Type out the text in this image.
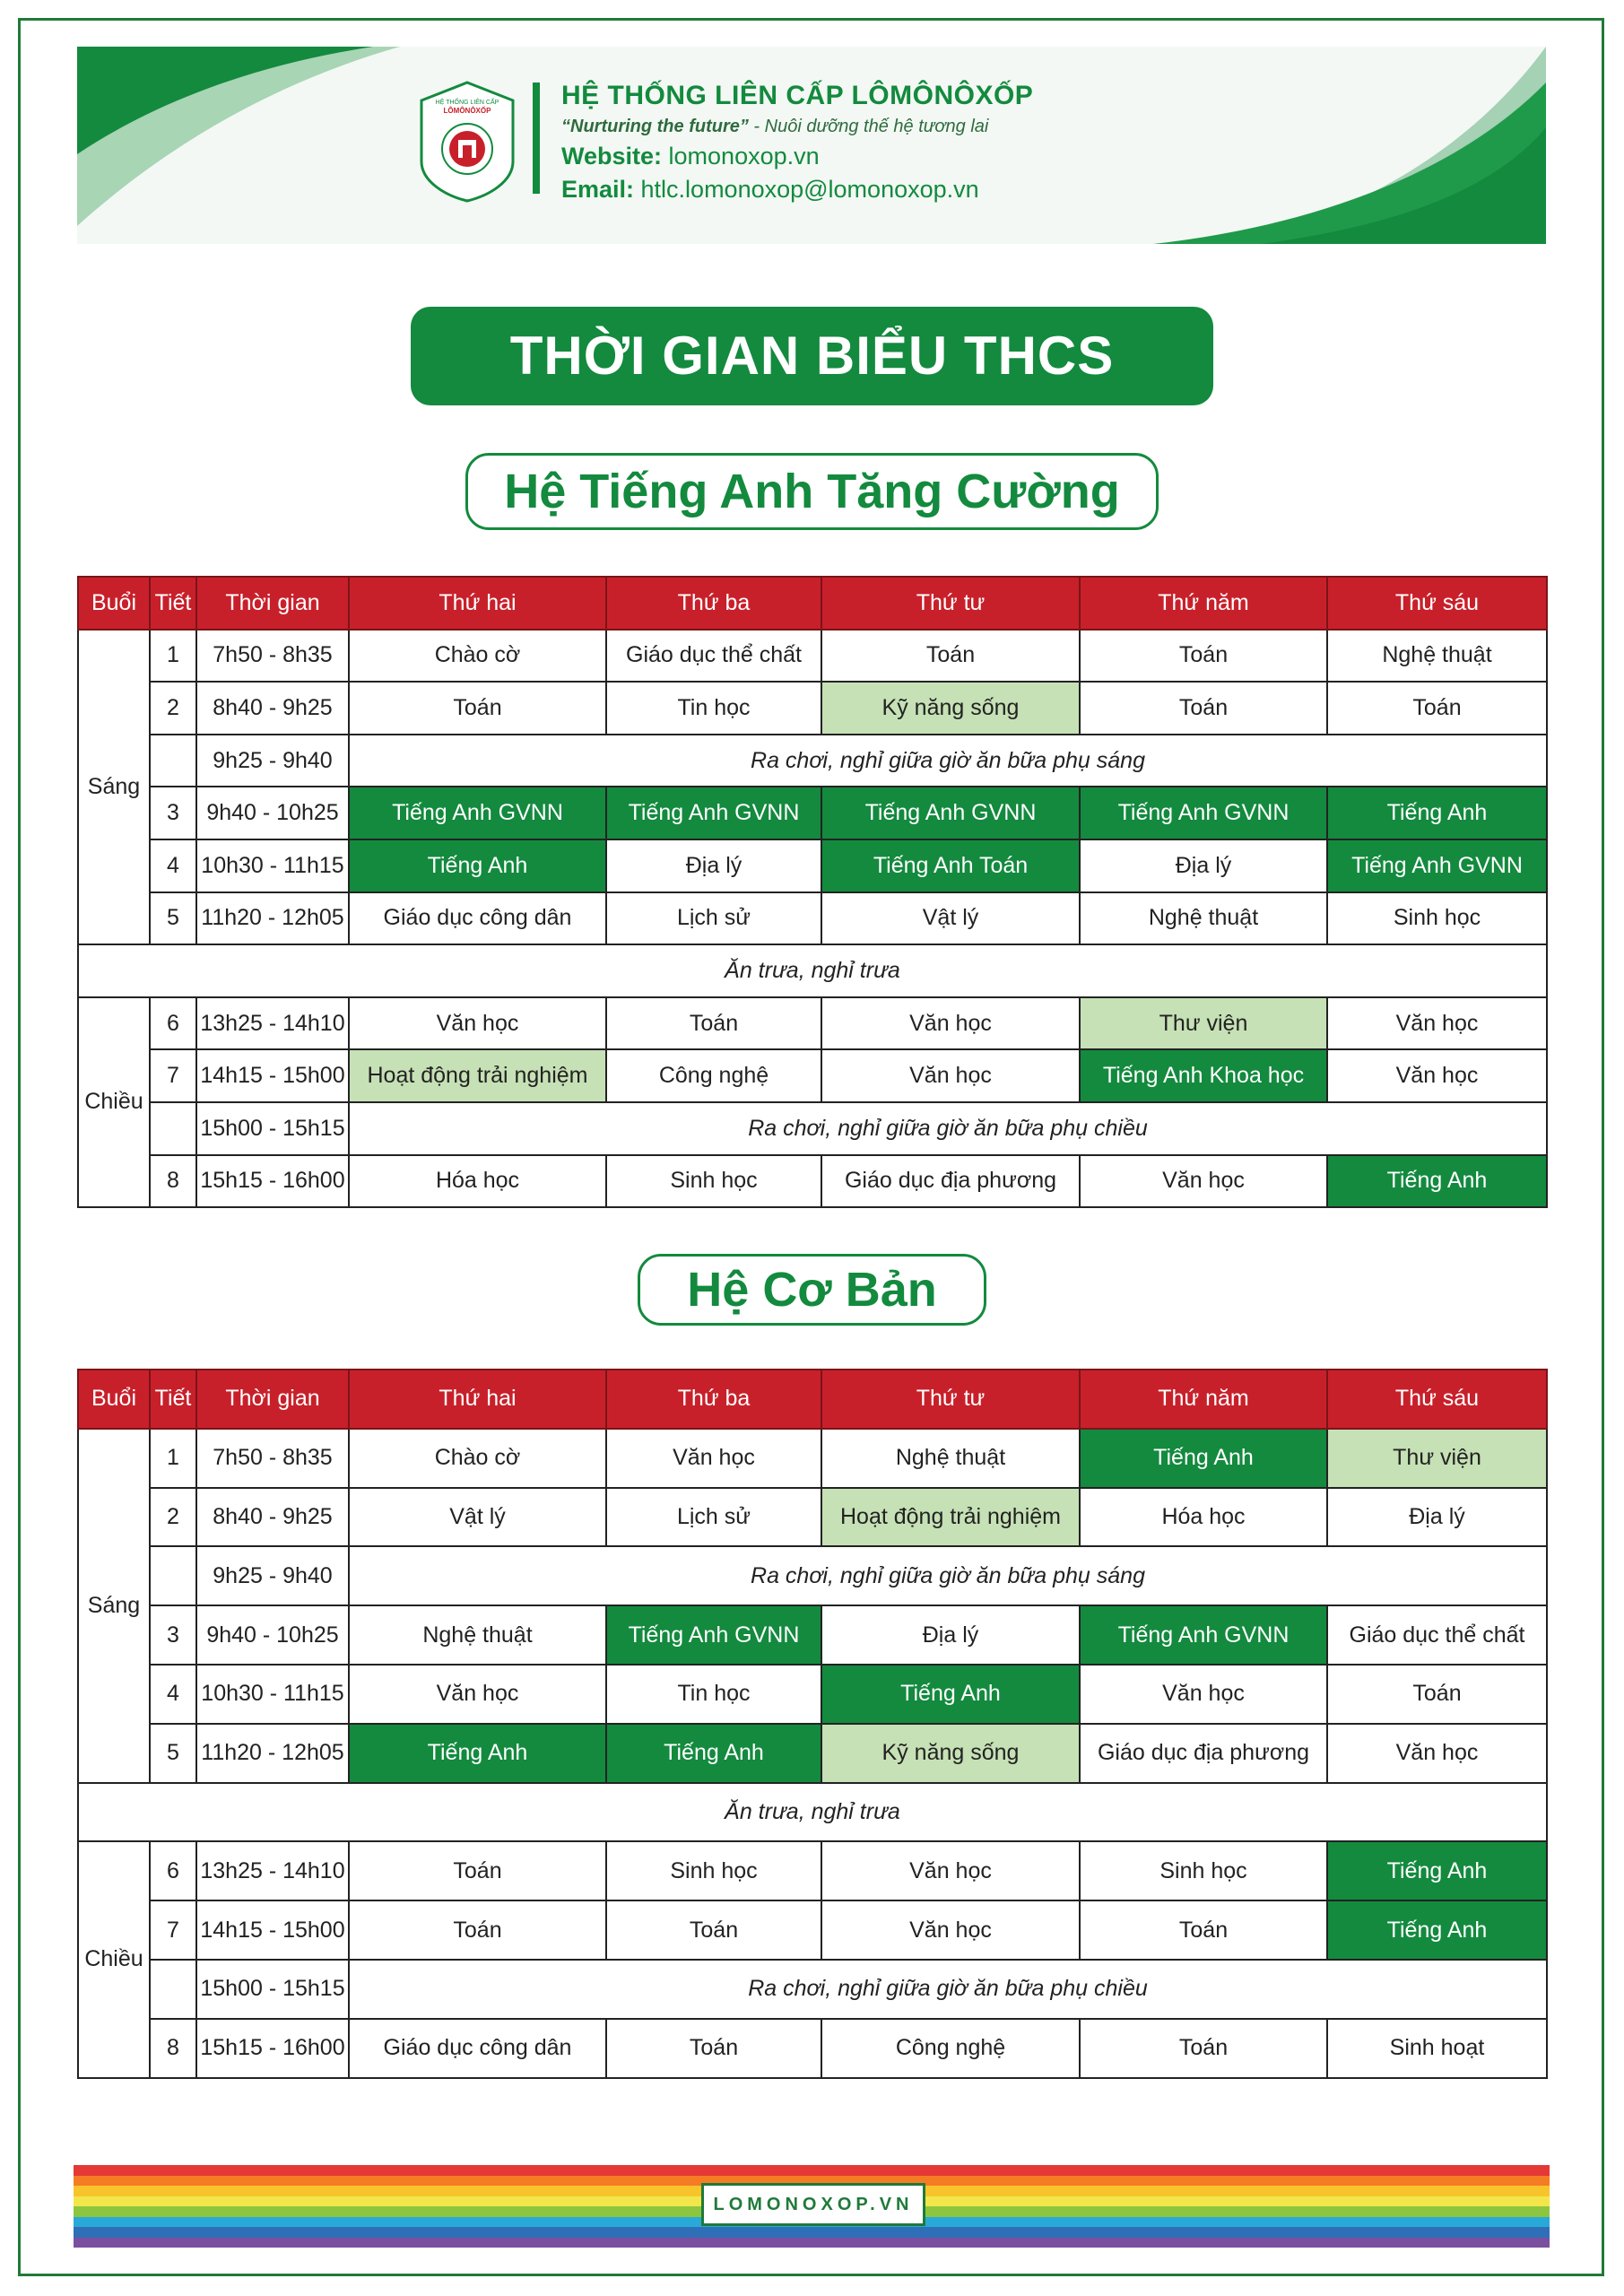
HỆ THỐNG LIÊN CẤP
LÔMÔNÔXỐP
HỆ THỐNG LIÊN CẤP LÔMÔNÔXỐP
“Nurturing the future” - Nuôi dưỡng thế hệ tương lai
Website: lomonoxop.vn
Email: htlc.lomonoxop@lomonoxop.vn
THỜI GIAN BIỂU THCS
Hệ Tiếng Anh Tăng Cường
Buổi	Tiết	Thời gian	Thứ hai	Thứ ba	Thứ tư	Thứ năm	Thứ sáu
Sáng	1	7h50 - 8h35	Chào cờ	Giáo dục thể chất	Toán	Toán	Nghệ thuật
	2	8h40 - 9h25	Toán	Tin học	Kỹ năng sống	Toán	Toán
		9h25 - 9h40	Ra chơi, nghỉ giữa giờ ăn bữa phụ sáng				
	3	9h40 - 10h25	Tiếng Anh GVNN	Tiếng Anh GVNN	Tiếng Anh GVNN	Tiếng Anh GVNN	Tiếng Anh
	4	10h30 - 11h15	Tiếng Anh	Địa lý	Tiếng Anh Toán	Địa lý	Tiếng Anh GVNN
	5	11h20 - 12h05	Giáo dục công dân	Lịch sử	Vật lý	Nghệ thuật	Sinh học
Ăn trưa, nghỉ trưa							
Chiều	6	13h25 - 14h10	Văn học	Toán	Văn học	Thư viện	Văn học
	7	14h15 - 15h00	Hoạt động trải nghiệm	Công nghệ	Văn học	Tiếng Anh Khoa học	Văn học
		15h00 - 15h15	Ra chơi, nghỉ giữa giờ ăn bữa phụ chiều				
	8	15h15 - 16h00	Hóa học	Sinh học	Giáo dục địa phương	Văn học	Tiếng Anh
Hệ Cơ Bản
Buổi	Tiết	Thời gian	Thứ hai	Thứ ba	Thứ tư	Thứ năm	Thứ sáu
Sáng	1	7h50 - 8h35	Chào cờ	Văn học	Nghệ thuật	Tiếng Anh	Thư viện
	2	8h40 - 9h25	Vật lý	Lịch sử	Hoạt động trải nghiệm	Hóa học	Địa lý
		9h25 - 9h40	Ra chơi, nghỉ giữa giờ ăn bữa phụ sáng				
	3	9h40 - 10h25	Nghệ thuật	Tiếng Anh GVNN	Địa lý	Tiếng Anh GVNN	Giáo dục thể chất
	4	10h30 - 11h15	Văn học	Tin học	Tiếng Anh	Văn học	Toán
	5	11h20 - 12h05	Tiếng Anh	Tiếng Anh	Kỹ năng sống	Giáo dục địa phương	Văn học
Ăn trưa, nghỉ trưa							
Chiều	6	13h25 - 14h10	Toán	Sinh học	Văn học	Sinh học	Tiếng Anh
	7	14h15 - 15h00	Toán	Toán	Văn học	Toán	Tiếng Anh
		15h00 - 15h15	Ra chơi, nghỉ giữa giờ ăn bữa phụ chiều				
	8	15h15 - 16h00	Giáo dục công dân	Toán	Công nghệ	Toán	Sinh hoạt
LOMONOXOP.VN
